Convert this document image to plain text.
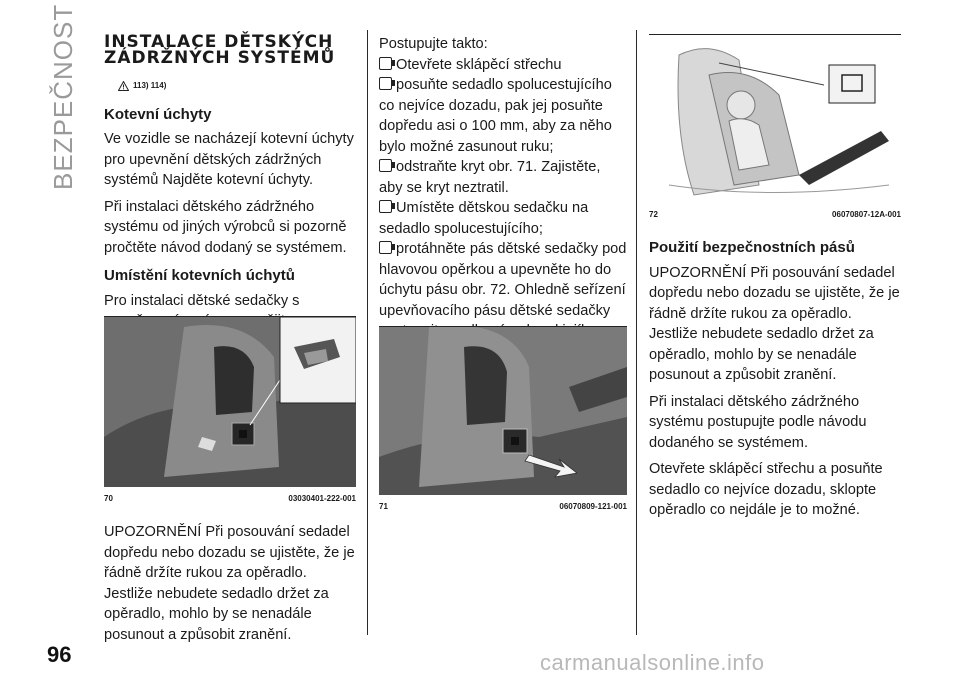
BEZPEČNOST INSTALACE DĚTSKÝCH
ZÁDRŽNÝCH SYSTÉMŮ
113) 114)
Kotevní úchyty

Ve vozidle se nacházejí kotevní úchyty pro upevnění dětských zádržných systémů Najděte kotevní úchyty.

Při instalaci dětského zádržného systému od jiných výrobců si pozorně pročtěte návod dodaný se systémem.

Umístění kotevních úchytů

Pro instalaci dětské sedačky s

70	03030401-222-001

UPOZORNĚNÍ Při posouvání sedadel dopředu nebo dozadu se ujistěte, že je řádně držíte rukou za opěradlo. Jestliže nebudete sedadlo držet za opěradlo, mohlo by se nenadále posunout a způsobit zranění.

Postupujte takto:

Otevřete sklápěcí střechu

posuňte sedadlo spolucestujícího co nejvíce dozadu, pak jej posuňte dopředu asi o 100 mm, aby za něho bylo možné zasunout ruku;

odstraňte kryt obr. 71. Zajistěte, aby se kryt neztratil.

Umístěte dětskou sedačku na sedadlo spolucestujícího;

protáhněte pás dětské sedačky pod hlavovou opěrkou a upevněte ho do úchytu pásu obr. 72. Ohledně seřízení upevňovacího pásu dětské sedačky

71	06070809-121-001
72	06070807-12A-001
Použití bezpečnostních pásů

UPOZORNĚNÍ Při posouvání sedadel dopředu nebo dozadu se ujistěte, že je řádně držíte rukou za opěradlo. Jestliže nebudete sedadlo držet za opěradlo, mohlo by se nenadále posunout a způsobit zranění.

Při instalaci dětského zádržného systému postupujte podle návodu dodaného se systémem.

Otevřete sklápěcí střechu a posuňte sedadlo co nejvíce dozadu, sklopte opěradlo co nejdále je to možné.

96	carmanualsonline.info
